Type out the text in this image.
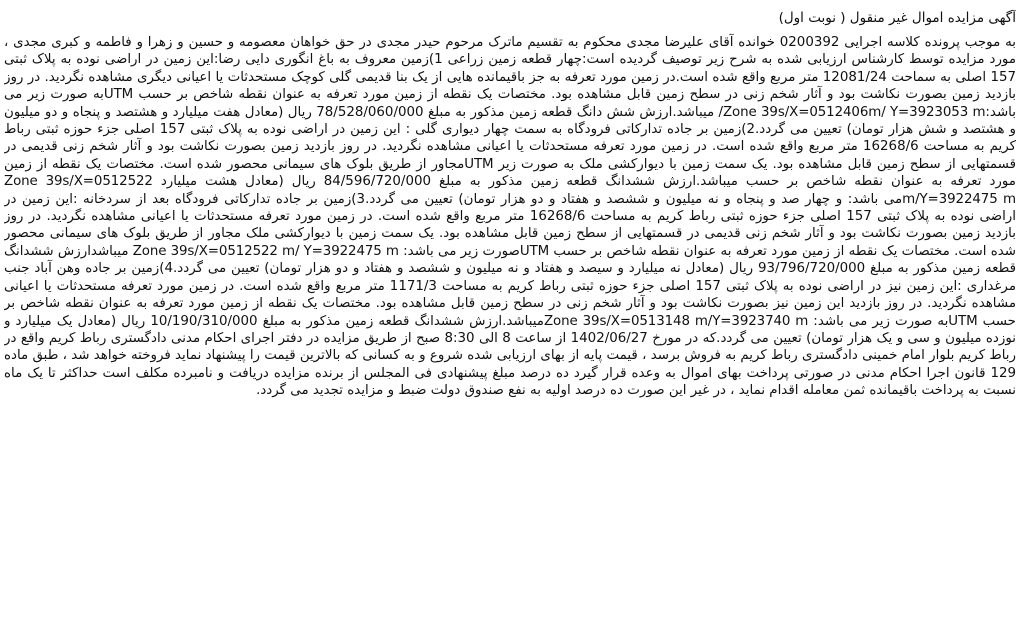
آگهی مزایده اموال غیر منقول ( نوبت اول)

به موجب پرونده کلاسه اجرایی 0200392 خوانده آقای علیرضا مجدی محکوم به تقسیم ماترک مرحوم حیدر مجدی در حق خواهان معصومه و حسین و زهرا و فاطمه و کبری مجدی ، مورد مزایده توسط کارشناس ارزیابی شده به شرح زیر توصیف گردیده است:چهار قطعه زمین زراعی 1)زمین معروف به باغ انگوری دایی رضا:این زمین در اراضی نوده به پلاک ثبتی 157 اصلی به سماحت 12081/24 متر مربع واقع شده است.در زمین مورد تعرفه به جز باقیمانده هایی از یک بنا قدیمی گلی کوچک مستحدثات یا اعیانی دیگری مشاهده نگردید. در روز بازدید زمین بصورت نکاشت بود و آثار شخم زنی در سطح زمین قابل مشاهده بود. مختصات یک نقطه از زمین مورد تعرفه به عنوان نقطه شاخص بر حسب UTMبه صورت زیر می باشد:Zone 39s/X=0512406m/ Y=3923053 m/ میباشد.ارزش شش دانگ قطعه زمین مذکور به مبلغ 78/528/060/000 ریال (معادل هفت میلیارد و هشتصد و پنجاه و دو میلیون و هشتصد و شش هزار تومان) تعیین می گردد.2)زمین بر جاده تدارکاتی فرودگاه به سمت چهار دیواری گلی : این زمین در اراضی نوده به پلاک ثبتی 157 اصلی جزء حوزه ثبتی رباط کریم به مساحت 16268/6 متر مربع واقع شده است. در زمین مورد تعرفه مستحدثات یا اعیانی مشاهده نگردید. در روز بازدید زمین بصورت نکاشت بود و آثار شخم زنی قدیمی در قسمتهایی از سطح زمین قابل مشاهده بود. یک سمت زمین با دیوارکشی ملک به صورت زیر UTMمجاور از طریق بلوک های سیمانی محصور شده است. مختصات یک نقطه از زمین مورد تعرفه به عنوان نقطه شاخص بر حسب میباشد.ارزش ششدانگ قطعه زمین مذکور به مبلغ 84/596/720/000 ریال (معادل هشت میلیارد Zone 39s/X=0512522 m/Y=3922475 mمی باشد: و چهار صد و پنجاه و نه میلیون و ششصد و هفتاد و دو هزار تومان) تعیین می گردد.3)زمین بر جاده تدارکاتی فرودگاه بعد از سردخانه :این زمین در اراضی نوده به پلاک ثبتی 157 اصلی جزء حوزه ثبتی رباط کریم به مساحت 16268/6 متر مربع واقع شده است. در زمین مورد تعرفه مستحدثات یا اعیانی مشاهده نگردید. در روز بازدید زمین بصورت نکاشت بود و آثار شخم زنی قدیمی در قسمتهایی از سطح زمین قابل مشاهده بود. یک سمت زمین با دیوارکشی ملک مجاور از طریق بلوک های سیمانی محصور شده است. مختصات یک نقطه از زمین مورد تعرفه به عنوان نقطه شاخص بر حسب UTMصورت زیر می باشد: Zone 39s/X=0512522 m/ Y=3922475 m میباشدارزش ششدانگ قطعه زمین مذکور به مبلغ 93/796/720/000 ریال (معادل نه میلیارد و سیصد و هفتاد و نه میلیون و ششصد و هفتاد و دو هزار تومان) تعیین می گردد.4)زمین بر جاده وهن آباد جنب مرغداری :این زمین نیز در اراضی نوده به پلاک ثبتی 157 اصلی جزء حوزه ثبتی رباط کریم به مساحت 1171/3 متر مربع واقع شده است. در زمین مورد تعرفه مستحدثات یا اعیانی مشاهده نگردید. در روز بازدید این زمین نیز بصورت نکاشت بود و آثار شخم زنی در سطح زمین قابل مشاهده بود. مختصات یک نقطه از زمین مورد تعرفه به عنوان نقطه شاخص بر حسب UTMبه صورت زیر می باشد: Zone 39s/X=0513148 m/Y=3923740 mمیباشد.ارزش ششدانگ قطعه زمین مذکور به مبلغ 10/190/310/000 ریال (معادل یک میلیارد و نوزده میلیون و سی و یک هزار تومان) تعیین می گردد.که در مورخ 1402/06/27 از ساعت 8 الی 8:30 صبح از طریق مزایده در دفتر اجرای احکام مدنی دادگستری رباط کریم واقع در رباط کریم بلوار امام خمینی دادگستری رباط کریم به فروش برسد ، قیمت پایه از بهای ارزیابی شده شروع و به کسانی که بالاترین قیمت را پیشنهاد نماید فروخته خواهد شد ، طبق ماده 129 قانون اجرا احکام مدنی در صورتی پرداخت بهای اموال به وعده قرار گیرد ده درصد مبلغ پیشنهادی فی المجلس از برنده مزایده دریافت و نامبرده مکلف است حداکثر تا یک ماه نسبت به پرداخت باقیمانده ثمن معامله اقدام نماید ، در غیر این صورت ده درصد اولیه به نفع صندوق دولت ضبط و مزایده تجدید می گردد.
